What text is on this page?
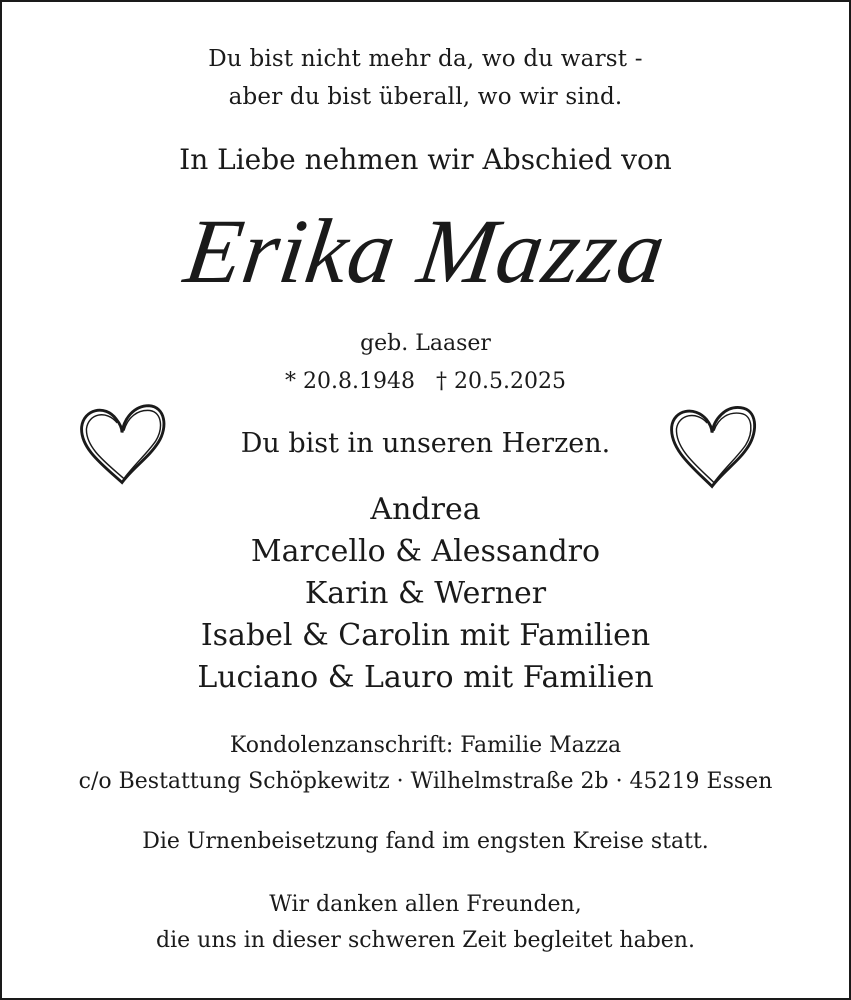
Du bist nicht mehr da, wo du warst -
aber du bist überall, wo wir sind.
In Liebe nehmen wir Abschied von
Erika Mazza
geb. Laaser
* 20.8.1948   † 20.5.2025
Du bist in unseren Herzen.
Andrea
Marcello & Alessandro
Karin & Werner
Isabel & Carolin mit Familien
Luciano & Lauro mit Familien
Kondolenzanschrift: Familie Mazza
c/o Bestattung Schöpkewitz · Wilhelmstraße 2b · 45219 Essen
Die Urnenbeisetzung fand im engsten Kreise statt.
Wir danken allen Freunden,
die uns in dieser schweren Zeit begleitet haben.
